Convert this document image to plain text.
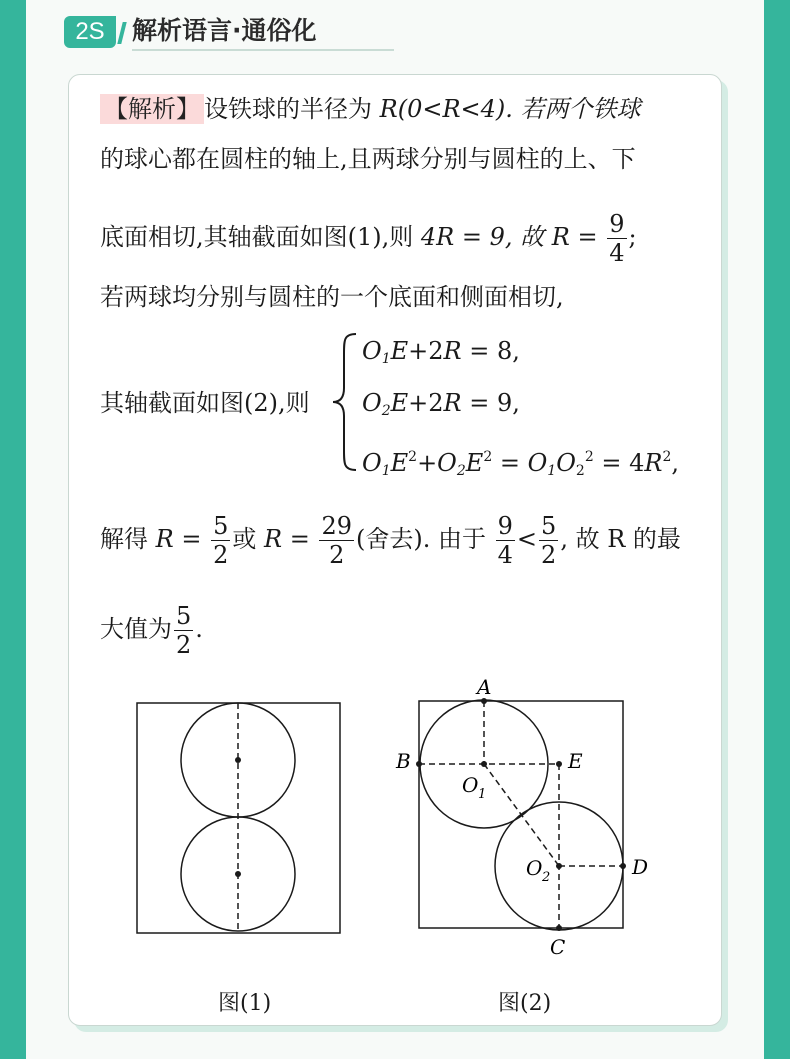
2S	解析语言·通俗化
【解析】 设铁球的半径为 R(0<R<4). 若两个铁球
的球心都在圆柱的轴上,且两球分别与圆柱的上、下
底面相切,其轴截面如图(1),则 4R = 9, 故 $R = \frac{9}{4}$ ;
若两球均分别与圆柱的一个底面和侧面相切,
其轴截面如图(2),则
$O_1E+2R = 8$,
$O_2E+2R = 9$,
$O_1E^2+O_2E^2 = O_1O_2^2 = 4R^2$,
解得 $R = \frac{5}{2}$ 或 $R = \frac{29}{2}$ (舍去). 由于 $\frac{9}{4} < \frac{5}{2}$ , 故 R 的最
大值为 $\frac{5}{2}$ .
图(1)
A
B	E
O 1
O 2	D
C
图(2)
